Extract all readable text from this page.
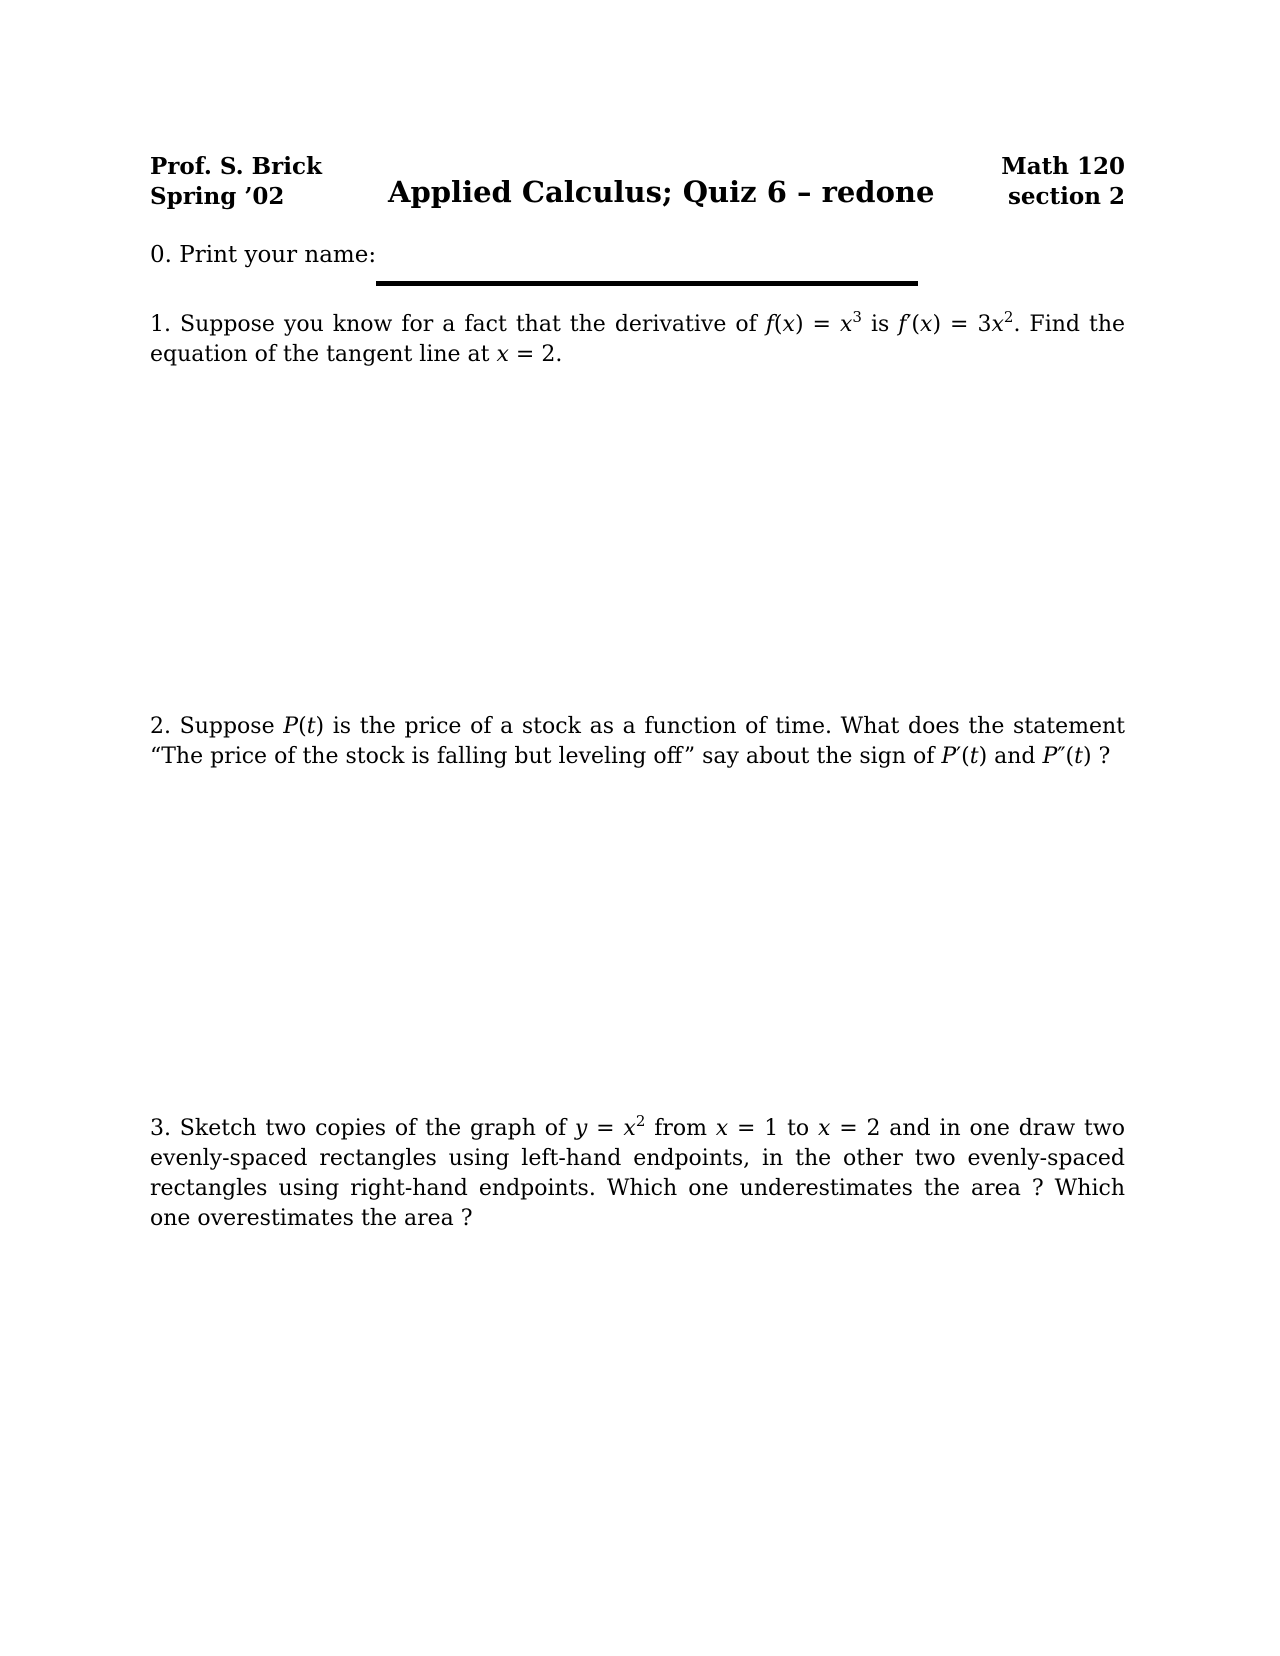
Prof. S. Brick
Spring ’02	Applied Calculus; Quiz 6 – redone
Math 120
section 2
0. Print your name:
1. Suppose you know for a fact that the derivative of $f(x) = x^3$ is $f'(x) = 3x^2$. Find the equation of the tangent line at x = 2.
2. Suppose P(t) is the price of a stock as a function of time. What does the statement “The price of the stock is falling but leveling off” say about the sign of P′(t) and P″(t) ?
3. Sketch two copies of the graph of $y = x^2$ from x = 1 to x = 2 and in one draw two evenly-spaced rectangles using left-hand endpoints, in the other two evenly-spaced rectangles using right-hand endpoints. Which one underestimates the area ? Which one overestimates the area ?
